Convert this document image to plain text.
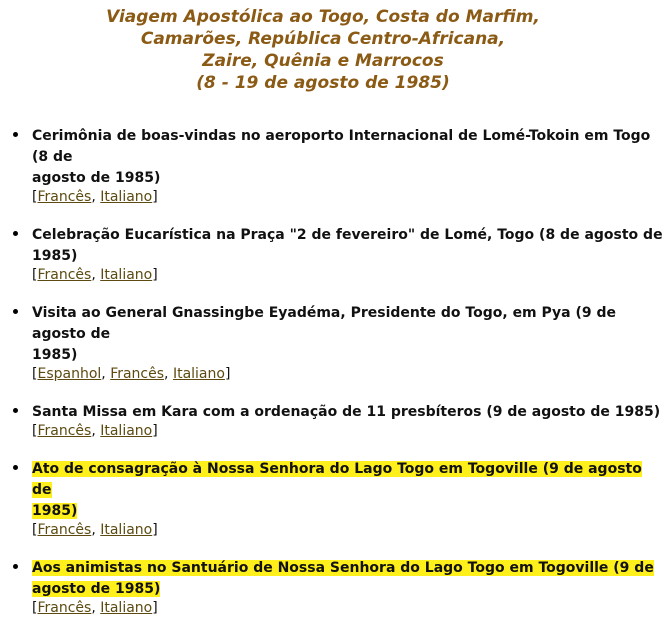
Viagem Apostólica ao Togo, Costa do Marfim,
Camarões, República Centro-Africana,
Zaire, Quênia e Marrocos
(8 - 19 de agosto de 1985)
Cerimônia de boas-vindas no aeroporto Internacional de Lomé-Tokoin em Togo (8 de
agosto de 1985)
[Francês, Italiano]
Celebração Eucarística na Praça "2 de fevereiro" de Lomé, Togo (8 de agosto de
1985)
[Francês, Italiano]
Visita ao General Gnassingbe Eyadéma, Presidente do Togo, em Pya (9 de agosto de
1985)
[Espanhol, Francês, Italiano]
Santa Missa em Kara com a ordenação de 11 presbíteros (9 de agosto de 1985)
[Francês, Italiano]
Ato de consagração à Nossa Senhora do Lago Togo em Togoville (9 de agosto de
1985)
[Francês, Italiano]
Aos animistas no Santuário de Nossa Senhora do Lago Togo em Togoville (9 de
agosto de 1985)
[Francês, Italiano]
